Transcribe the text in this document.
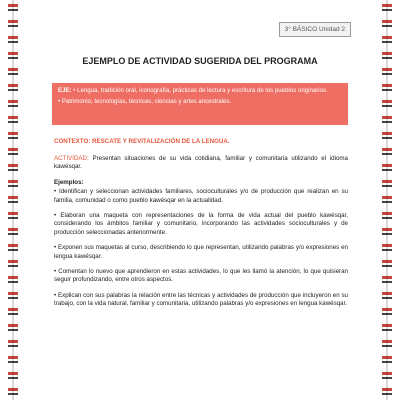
3° BÁSICO Unidad 2
EJEMPLO DE ACTIVIDAD SUGERIDA DEL PROGRAMA

EJE: • Lengua, tradición oral, iconografía, prácticas de lectura y escritura de los pueblos originarios.

• Patrimonio, tecnologías, técnicas, ciencias y artes ancestrales.

CONTEXTO: RESCATE Y REVITALIZACIÓN DE LA LENGUA.

ACTIVIDAD: Presentan situaciones de su vida cotidiana, familiar y comunitaria utilizando el idioma kawésqar.

Ejemplos:

• Identifican y seleccionan actividades familiares, socioculturales y/o de producción que realizan en su familia, comunidad o como pueblo kawésqar en la actualidad.

• Elaboran una maqueta con representaciones de la forma de vida actual del pueblo kawésqar, considerando los ámbitos familiar y comunitario, incorporando las actividades socioculturales y de producción seleccionadas anteriormente.

• Exponen sus maquetas al curso, describiendo lo que representan, utilizando palabras y/o expresiones en lengua kawésqar.

• Comentan lo nuevo que aprendieron en estas actividades, lo que les llamó la atención, lo que quisieran seguir profundizando, entre otros aspectos.

• Explican con sus palabras la relación entre las técnicas y actividades de producción que incluyeron en su trabajo, con la vida natural, familiar y comunitaria, utilizando palabras y/o expresiones en lengua kawésqar.
